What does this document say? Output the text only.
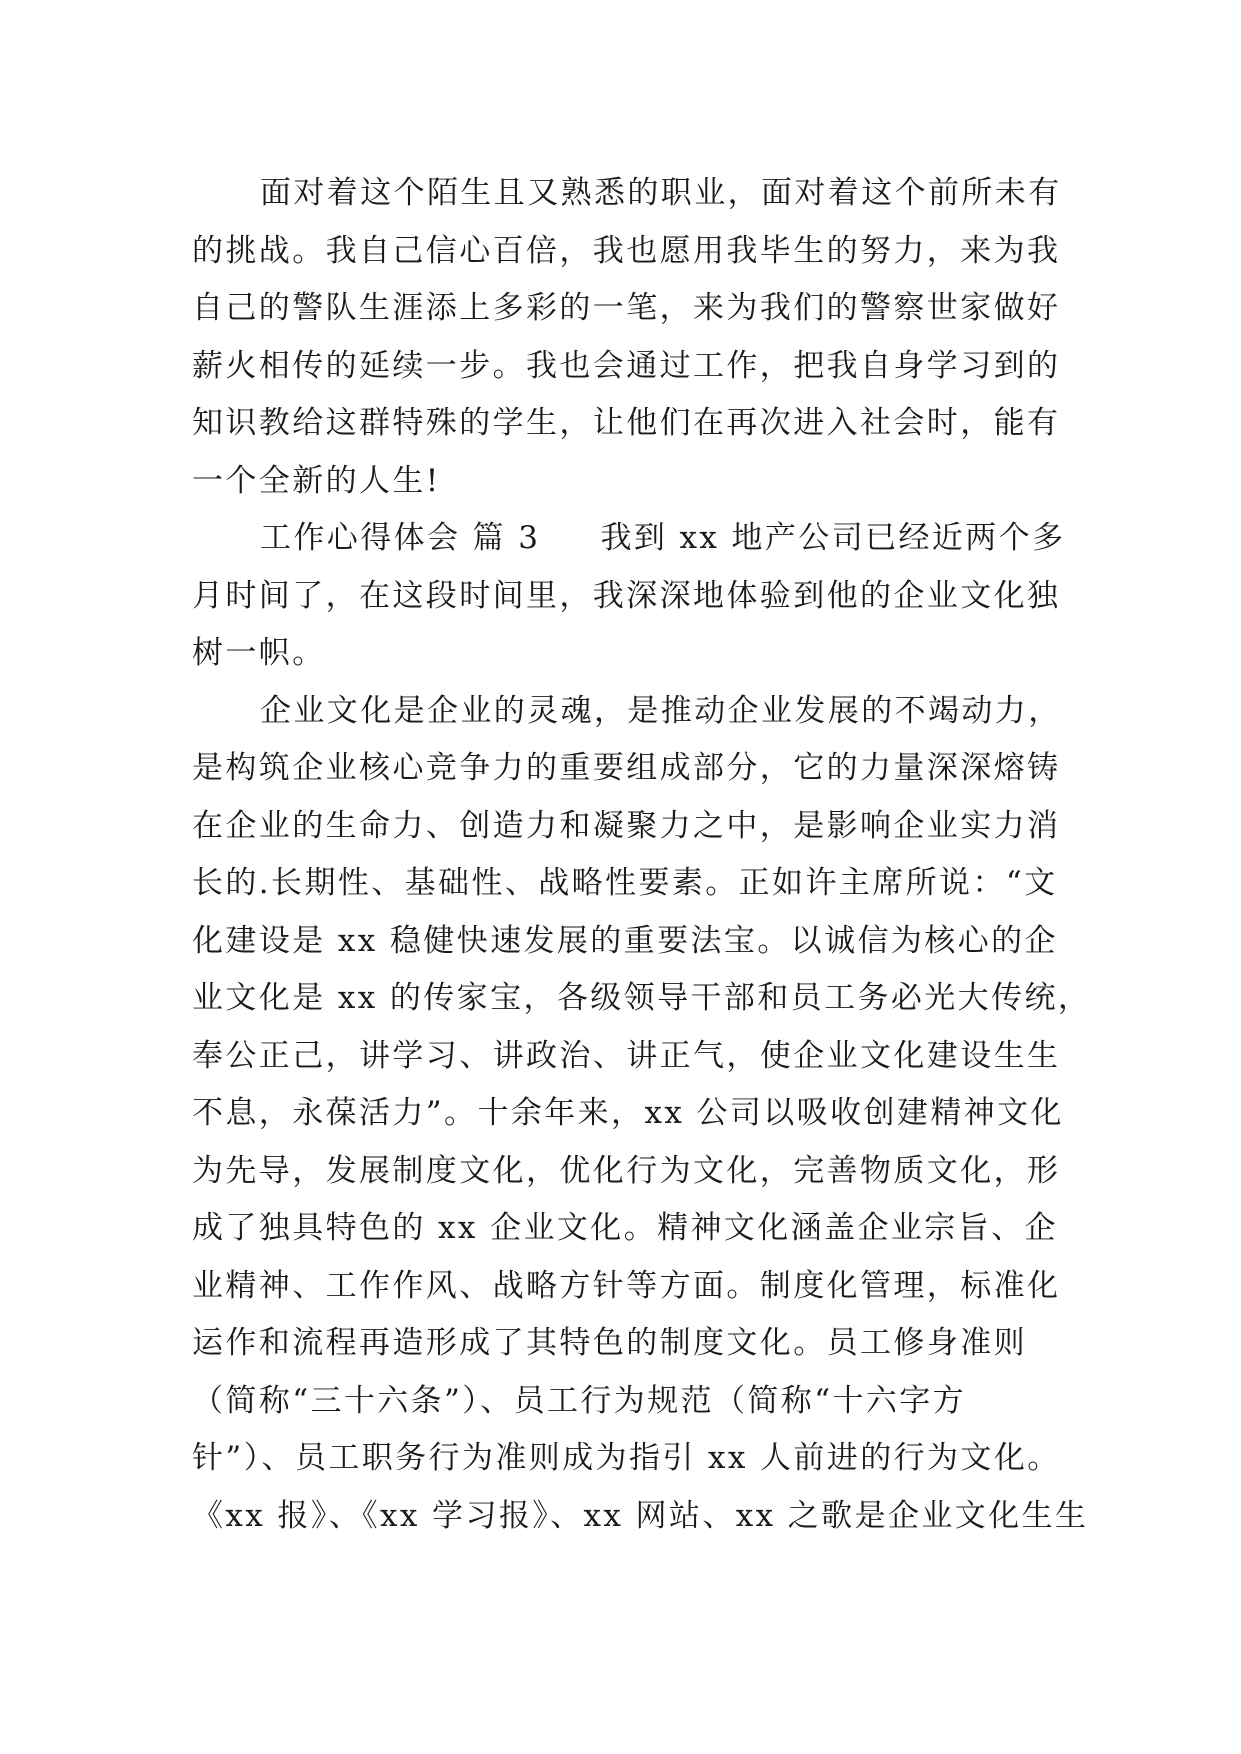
面对着这个陌生且又熟悉的职业，面对着这个前所未有
的挑战。我自己信心百倍，我也愿用我毕生的努力，来为我
自己的警队生涯添上多彩的一笔，来为我们的警察世家做好
薪火相传的延续一步。我也会通过工作，把我自身学习到的
知识教给这群特殊的学生，让他们在再次进入社会时，能有
一个全新的人生!
工作心得体会 篇 3 我到 xx 地产公司已经近两个多
月时间了，在这段时间里，我深深地体验到他的企业文化独
树一帜。
企业文化是企业的灵魂，是推动企业发展的不竭动力，
是构筑企业核心竞争力的重要组成部分，它的力量深深熔铸
在企业的生命力、创造力和凝聚力之中，是影响企业实力消
长的.长期性、基础性、战略性要素。正如许主席所说：“文
化建设是 xx 稳健快速发展的重要法宝。以诚信为核心的企
业文化是 xx 的传家宝，各级领导干部和员工务必光大传统，
奉公正己，讲学习、讲政治、讲正气，使企业文化建设生生
不息，永葆活力”。十余年来，xx 公司以吸收创建精神文化
为先导，发展制度文化，优化行为文化，完善物质文化，形
成了独具特色的 xx 企业文化。精神文化涵盖企业宗旨、企
业精神、工作作风、战略方针等方面。制度化管理，标准化
运作和流程再造形成了其特色的制度文化。员工修身准则
（简称“三十六条”）、员工行为规范（简称“十六字方
针”）、员工职务行为准则成为指引 xx 人前进的行为文化。
《xx 报》、《xx 学习报》、xx 网站、xx 之歌是企业文化生生
